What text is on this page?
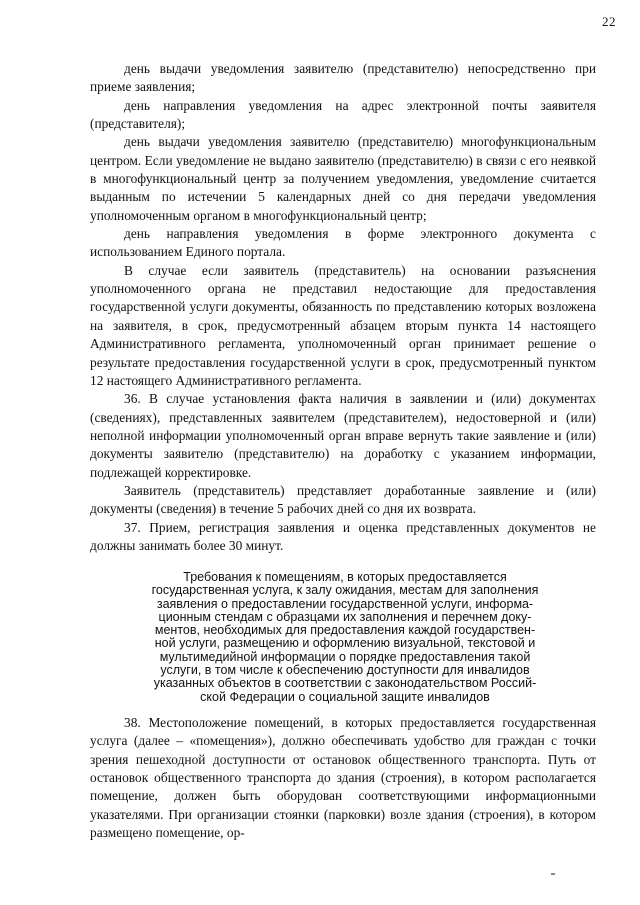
22

день выдачи уведомления заявителю (представителю) непосредственно при приеме заявления;

день направления уведомления на адрес электронной почты заявителя (представителя);

день выдачи уведомления заявителю (представителю) многофункциональным центром. Если уведомление не выдано заявителю (представителю) в связи с его неявкой в многофункциональный центр за получением уведомления, уведомление считается выданным по истечении 5 календарных дней со дня передачи уведомления уполномоченным органом в многофункциональный центр;

день направления уведомления в форме электронного документа с использованием Единого портала.

В случае если заявитель (представитель) на основании разъяснения уполномоченного органа не представил недостающие для предоставления государственной услуги документы, обязанность по представлению которых возложена на заявителя, в срок, предусмотренный абзацем вторым пункта 14 настоящего Административного регламента, уполномоченный орган принимает решение о результате предоставления государственной услуги в срок, предусмотренный пунктом 12 настоящего Административного регламента.

36. В случае установления факта наличия в заявлении и (или) документах (сведениях), представленных заявителем (представителем), недостоверной и (или) неполной информации уполномоченный орган вправе вернуть такие заявление и (или) документы заявителю (представителю) на доработку с указанием информации, подлежащей корректировке.

Заявитель (представитель) представляет доработанные заявление и (или) документы (сведения) в течение 5 рабочих дней со дня их возврата.

37. Прием, регистрация заявления и оценка представленных документов не должны занимать более 30 минут.

Требования к помещениям, в которых предоставляется
государственная услуга, к залу ожидания, местам для заполнения
заявления о предоставлении государственной услуги, информа-
ционным стендам с образцами их заполнения и перечнем доку-
ментов, необходимых для предоставления каждой государствен-
ной услуги, размещению и оформлению визуальной, текстовой и
мультимедийной информации о порядке предоставления такой
услуги, в том числе к обеспечению доступности для инвалидов
указанных объектов в соответствии с законодательством Россий-
ской Федерации о социальной защите инвалидов

38. Местоположение помещений, в которых предоставляется государственная услуга (далее – «помещения»), должно обеспечивать удобство для граждан с точки зрения пешеходной доступности от остановок общественного транспорта. Путь от остановок общественного транспорта до здания (строения), в котором располагается помещение, должен быть оборудован соответствующими информационными указателями. При организации стоянки (парковки) возле здания (строения), в котором размещено помещение, ор-
